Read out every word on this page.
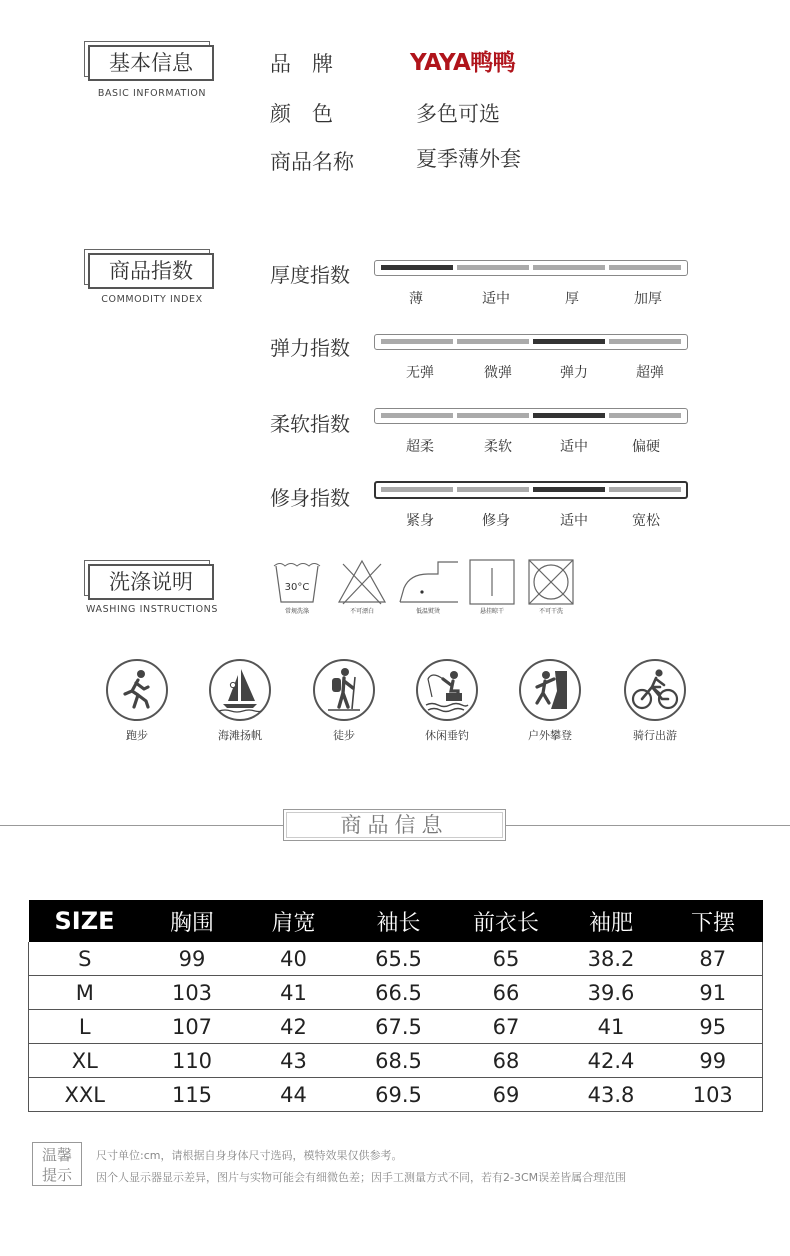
基本信息
BASIC INFORMATION
品　牌	YAYA鸭鸭
颜　色	多色可选
商品名称	夏季薄外套
商品指数
COMMODITY INDEX
厚度指数
薄	适中	厚	加厚
弹力指数
无弹	微弹	弹力	超弹
柔软指数
超柔	柔软	适中	偏硬
修身指数
紧身	修身	适中	宽松
洗涤说明
WASHING INSTRUCTIONS
30°C
常规洗涤	不可漂白	低温熨烫	悬挂晾干	不可干洗
跑步	海滩扬帆	徒步	休闲垂钓	户外攀登	骑行出游
商品信息
SIZE	胸围	肩宽	袖长	前衣长	袖肥	下摆
S	99	40	65.5	65	38.2	87
M	103	41	66.5	66	39.6	91
L	107	42	67.5	67	41	95
XL	110	43	68.5	68	42.4	99
XXL	115	44	69.5	69	43.8	103
温馨
提示
尺寸单位:cm，请根据自身身体尺寸选码，模特效果仅供参考。
因个人显示器显示差异，图片与实物可能会有细微色差；因手工测量方式不同，若有2-3CM误差皆属合理范围
